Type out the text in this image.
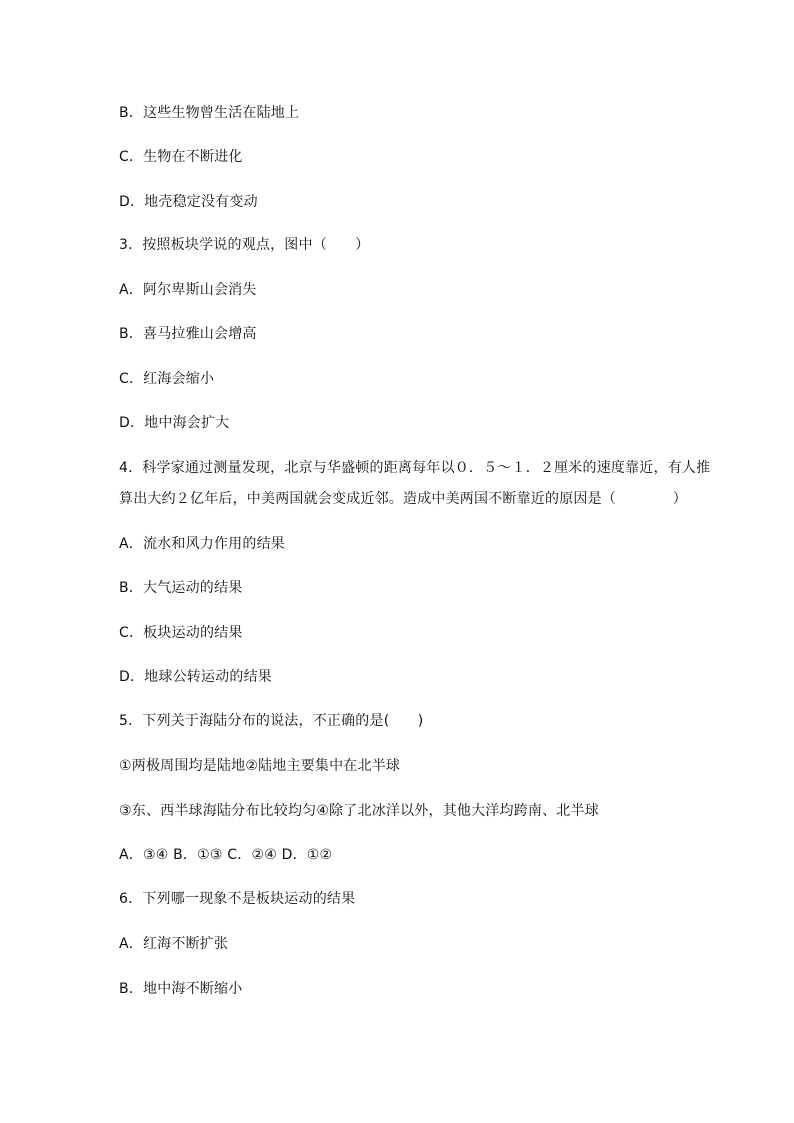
B．这些生物曾生活在陆地上
C．生物在不断进化
D．地壳稳定没有变动
3．按照板块学说的观点，图中（　　）
A．阿尔卑斯山会消失
B．喜马拉雅山会增高
C．红海会缩小
D．地中海会扩大
4．科学家通过测量发现，北京与华盛顿的距离每年以０．５～１．２厘米的速度靠近，有人推
算出大约２亿年后，中美两国就会变成近邻。造成中美两国不断靠近的原因是（　　　　）
A．流水和风力作用的结果
B．大气运动的结果
C．板块运动的结果
D．地球公转运动的结果
5．下列关于海陆分布的说法，不正确的是(　　)
①两极周围均是陆地②陆地主要集中在北半球
③东、西半球海陆分布比较均匀④除了北冰洋以外，其他大洋均跨南、北半球
A．③④ B．①③ C．②④ D．①②
6．下列哪一现象不是板块运动的结果
A．红海不断扩张
B．地中海不断缩小
